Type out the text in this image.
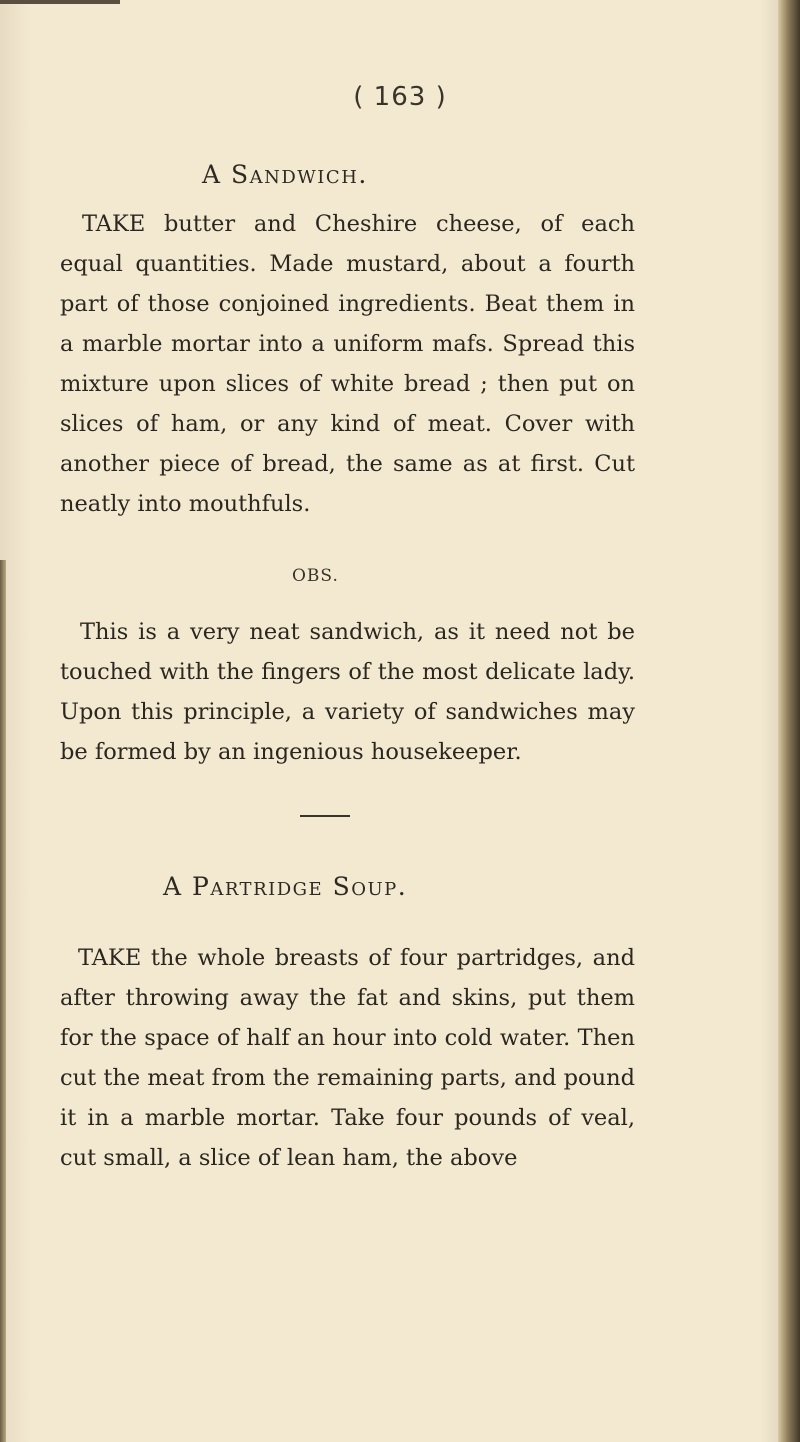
( 163 )
A Sandwich.

TAKE butter and Cheshire cheese, of each equal quantities. Made mustard, about a fourth part of those conjoined ingredients. Beat them in a marble mortar into a uniform mafs. Spread this mixture upon slices of white bread ; then put on slices of ham, or any kind of meat. Cover with another piece of bread, the same as at first. Cut neatly into mouthfuls.

OBS.

This is a very neat sandwich, as it need not be touched with the fingers of the most delicate lady. Upon this principle, a variety of sandwiches may be formed by an ingenious housekeeper.

A Partridge Soup.

TAKE the whole breasts of four partridges, and after throwing away the fat and skins, put them for the space of half an hour into cold water. Then cut the meat from the remaining parts, and pound it in a marble mortar. Take four pounds of veal, cut small, a slice of lean ham, the above
